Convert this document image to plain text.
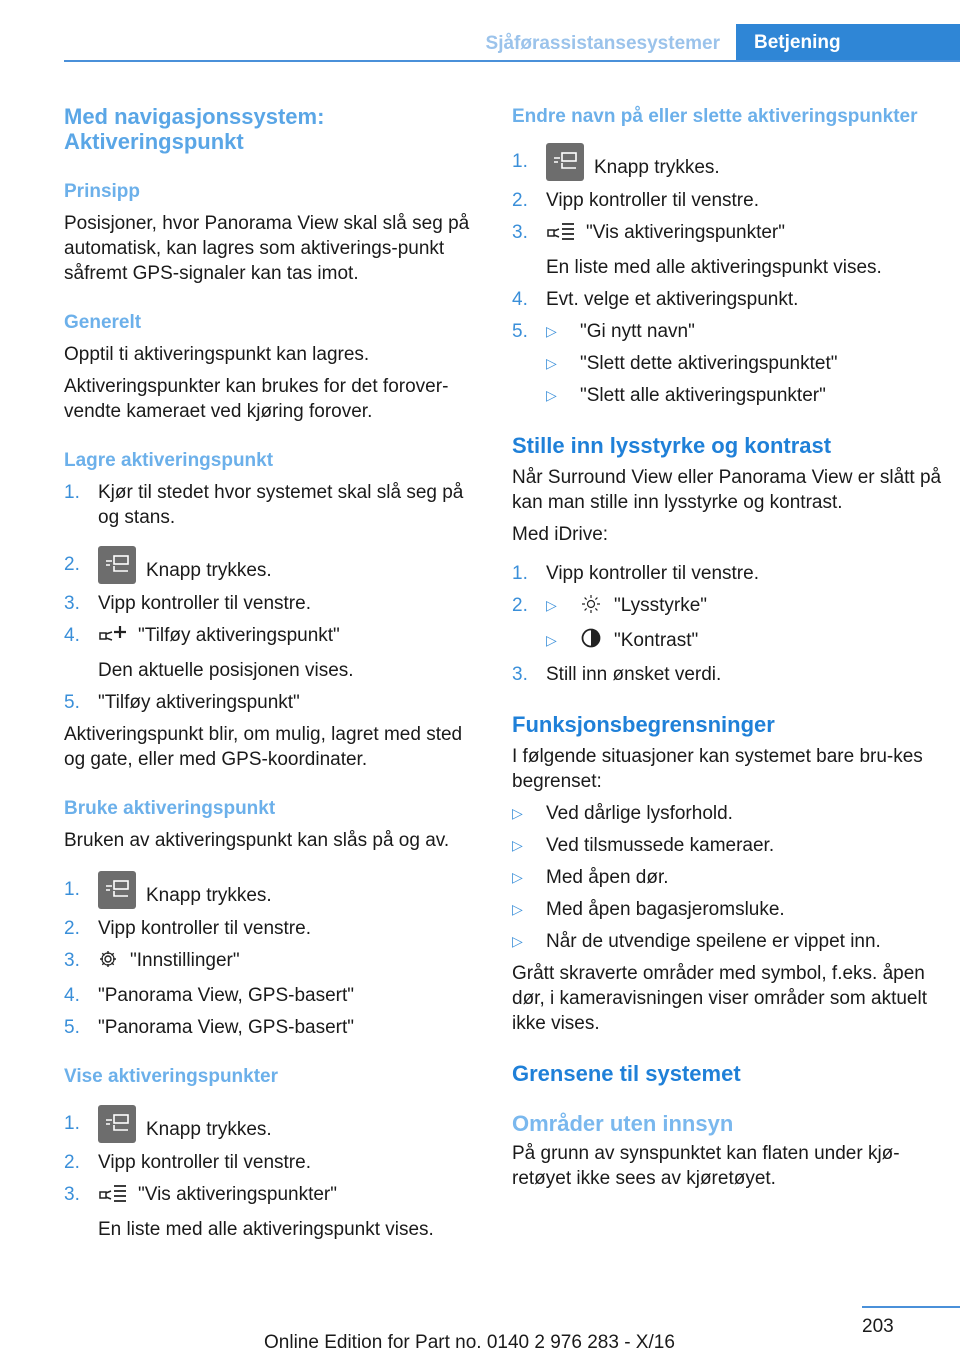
Sjåførassistansesystemer	Betjening
Med navigasjonssystem: Aktiveringspunkt
Prinsipp

Posisjoner, hvor Panorama View skal slå seg på automatisk, kan lagres som aktiverings-punkt såfremt GPS-signaler kan tas imot.

Generelt

Opptil ti aktiveringspunkt kan lagres.

Aktiveringspunkter kan brukes for det forover-vendte kameraet ved kjøring forover.

Lagre aktiveringspunkt
1. Kjør til stedet hvor systemet skal slå seg på og stans.
2.	Knapp trykkes.
3. Vipp kontroller til venstre.
4.	"Tilføy aktiveringspunkt"
Den aktuelle posisjonen vises.
5. "Tilføy aktiveringspunkt"

Aktiveringspunkt blir, om mulig, lagret med sted og gate, eller med GPS-koordinater.

Bruke aktiveringspunkt

Bruken av aktiveringspunkt kan slås på og av.

1.	Knapp trykkes.
2. Vipp kontroller til venstre.
3.	"Innstillinger"
4. "Panorama View, GPS-basert"
5. "Panorama View, GPS-basert"
Vise aktiveringspunkter
1.	Knapp trykkes.
2. Vipp kontroller til venstre.
3.	"Vis aktiveringspunkter"
En liste med alle aktiveringspunkt vises.
Endre navn på eller slette aktiveringspunkter
1.	Knapp trykkes.
2. Vipp kontroller til venstre.
3.	"Vis aktiveringspunkter"
En liste med alle aktiveringspunkt vises.
4. Evt. velge et aktiveringspunkt.
5.	▷	"Gi nytt navn"
▷	"Slett dette aktiveringspunktet"
▷	"Slett alle aktiveringspunkter"
Stille inn lysstyrke og kontrast

Når Surround View eller Panorama View er slått på kan man stille inn lysstyrke og kontrast.

Med iDrive:

1. Vipp kontroller til venstre.
2.	▷	"Lysstyrke"
▷	"Kontrast"
3. Still inn ønsket verdi.
Funksjonsbegrensninger

I følgende situasjoner kan systemet bare bru-kes begrenset:

▷	Ved dårlige lysforhold.
▷	Ved tilsmussede kameraer.
▷	Med åpen dør.
▷	Med åpen bagasjeromsluke.
▷	Når de utvendige speilene er vippet inn.

Grått skraverte områder med symbol, f.eks. åpen dør, i kameravisningen viser områder som aktuelt ikke vises.

Grensene til systemet
Områder uten innsyn

På grunn av synspunktet kan flaten under kjø-retøyet ikke sees av kjøretøyet.

203
Online Edition for Part no. 0140 2 976 283 - X/16
